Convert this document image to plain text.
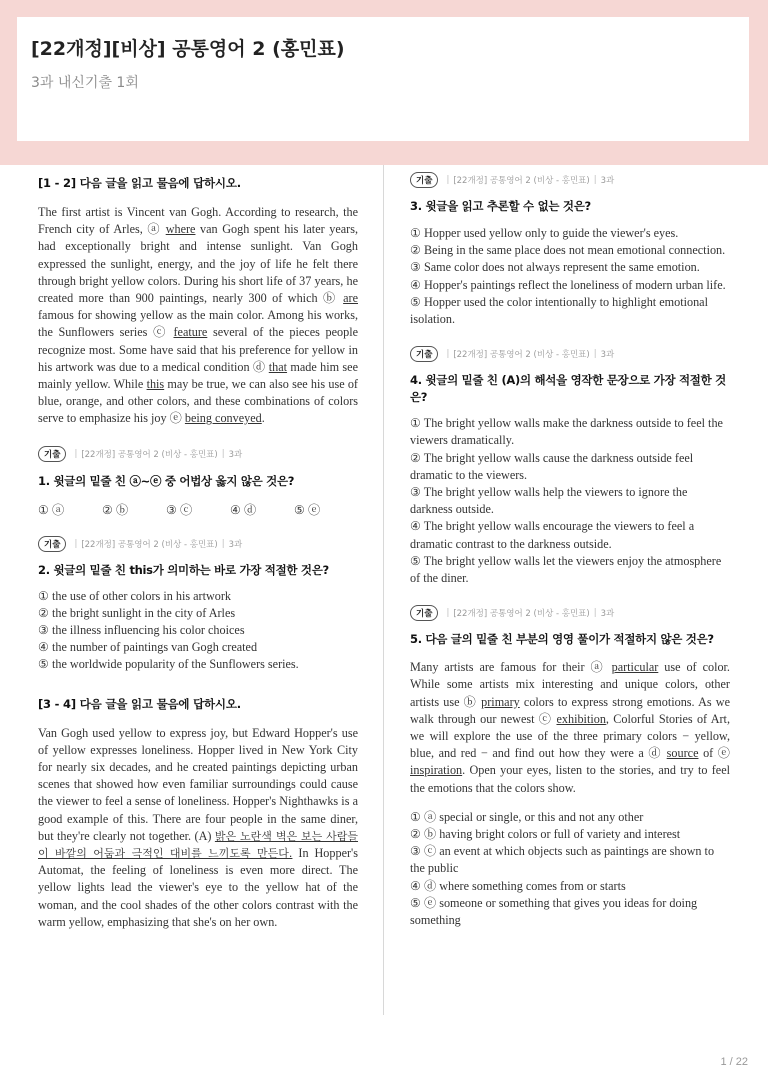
[22개정][비상] 공통영어 2 (홍민표)
3과 내신기출 1회
[1 - 2] 다음 글을 읽고 물음에 답하시오.
The first artist is Vincent van Gogh. According to research, the French city of Arles, ⓐ where van Gogh spent his later years, had exceptionally bright and intense sunlight. Van Gogh expressed the sunlight, energy, and the joy of life he felt there through bright yellow colors. During his short life of 37 years, he created more than 900 paintings, nearly 300 of which ⓑ are famous for showing yellow as the main color. Among his works, the Sunflowers series ⓒ feature several of the pieces people recognize most. Some have said that his preference for yellow in his artwork was due to a medical condition ⓓ that made him see mainly yellow. While this may be true, we can also see his use of blue, orange, and other colors, and these combinations of colors serve to emphasize his joy ⓔ being conveyed.
기출	| [22개정] 공통영어 2 (비상 - 홍민표) | 3과
1. 윗글의 밑줄 친 ⓐ~ⓔ 중 어법상 옳지 않은 것은?
① ⓐ	② ⓑ	③ ⓒ	④ ⓓ	⑤ ⓔ
기출	| [22개정] 공통영어 2 (비상 - 홍민표) | 3과
2. 윗글의 밑줄 친 this가 의미하는 바로 가장 적절한 것은?
① the use of other colors in his artwork
② the bright sunlight in the city of Arles
③ the illness influencing his color choices
④ the number of paintings van Gogh created
⑤ the worldwide popularity of the Sunflowers series.
[3 - 4] 다음 글을 읽고 물음에 답하시오.
Van Gogh used yellow to express joy, but Edward Hopper's use of yellow expresses loneliness. Hopper lived in New York City for nearly six decades, and he created paintings depicting urban scenes that showed how even familiar surroundings could cause the viewer to feel a sense of loneliness. Hopper's Nighthawks is a good example of this. There are four people in the same diner, but they're clearly not together. (A) 밝은 노란색 벽은 보는 사람들이 바깥의 어둠과 극적인 대비를 느끼도록 만든다. In Hopper's Automat, the feeling of loneliness is even more direct. The yellow lights lead the viewer's eye to the yellow hat of the woman, and the cool shades of the other colors contrast with the warm yellow, emphasizing that she's on her own.
기출	| [22개정] 공통영어 2 (비상 - 홍민표) | 3과
3. 윗글을 읽고 추론할 수 없는 것은?
① Hopper used yellow only to guide the viewer's eyes.
② Being in the same place does not mean emotional connection.
③ Same color does not always represent the same emotion.
④ Hopper's paintings reflect the loneliness of modern urban life.
⑤ Hopper used the color intentionally to highlight emotional isolation.
기출	| [22개정] 공통영어 2 (비상 - 홍민표) | 3과
4. 윗글의 밑줄 친 (A)의 해석을 영작한 문장으로 가장 적절한 것은?
① The bright yellow walls make the darkness outside to feel the viewers dramatically.
② The bright yellow walls cause the darkness outside feel dramatic to the viewers.
③ The bright yellow walls help the viewers to ignore the darkness outside.
④ The bright yellow walls encourage the viewers to feel a dramatic contrast to the darkness outside.
⑤ The bright yellow walls let the viewers enjoy the atmosphere of the diner.
기출	| [22개정] 공통영어 2 (비상 - 홍민표) | 3과
5. 다음 글의 밑줄 친 부분의 영영 풀이가 적절하지 않은 것은?
Many artists are famous for their ⓐ particular use of color. While some artists mix interesting and unique colors, other artists use ⓑ primary colors to express strong emotions. As we walk through our newest ⓒ exhibition, Colorful Stories of Art, we will explore the use of the three primary colors − yellow, blue, and red − and find out how they were a ⓓ source of ⓔ inspiration. Open your eyes, listen to the stories, and try to feel the emotions that the colors show.
① ⓐ special or single, or this and not any other
② ⓑ having bright colors or full of variety and interest
③ ⓒ an event at which objects such as paintings are shown to the public
④ ⓓ where something comes from or starts
⑤ ⓔ someone or something that gives you ideas for doing something
1 / 22
